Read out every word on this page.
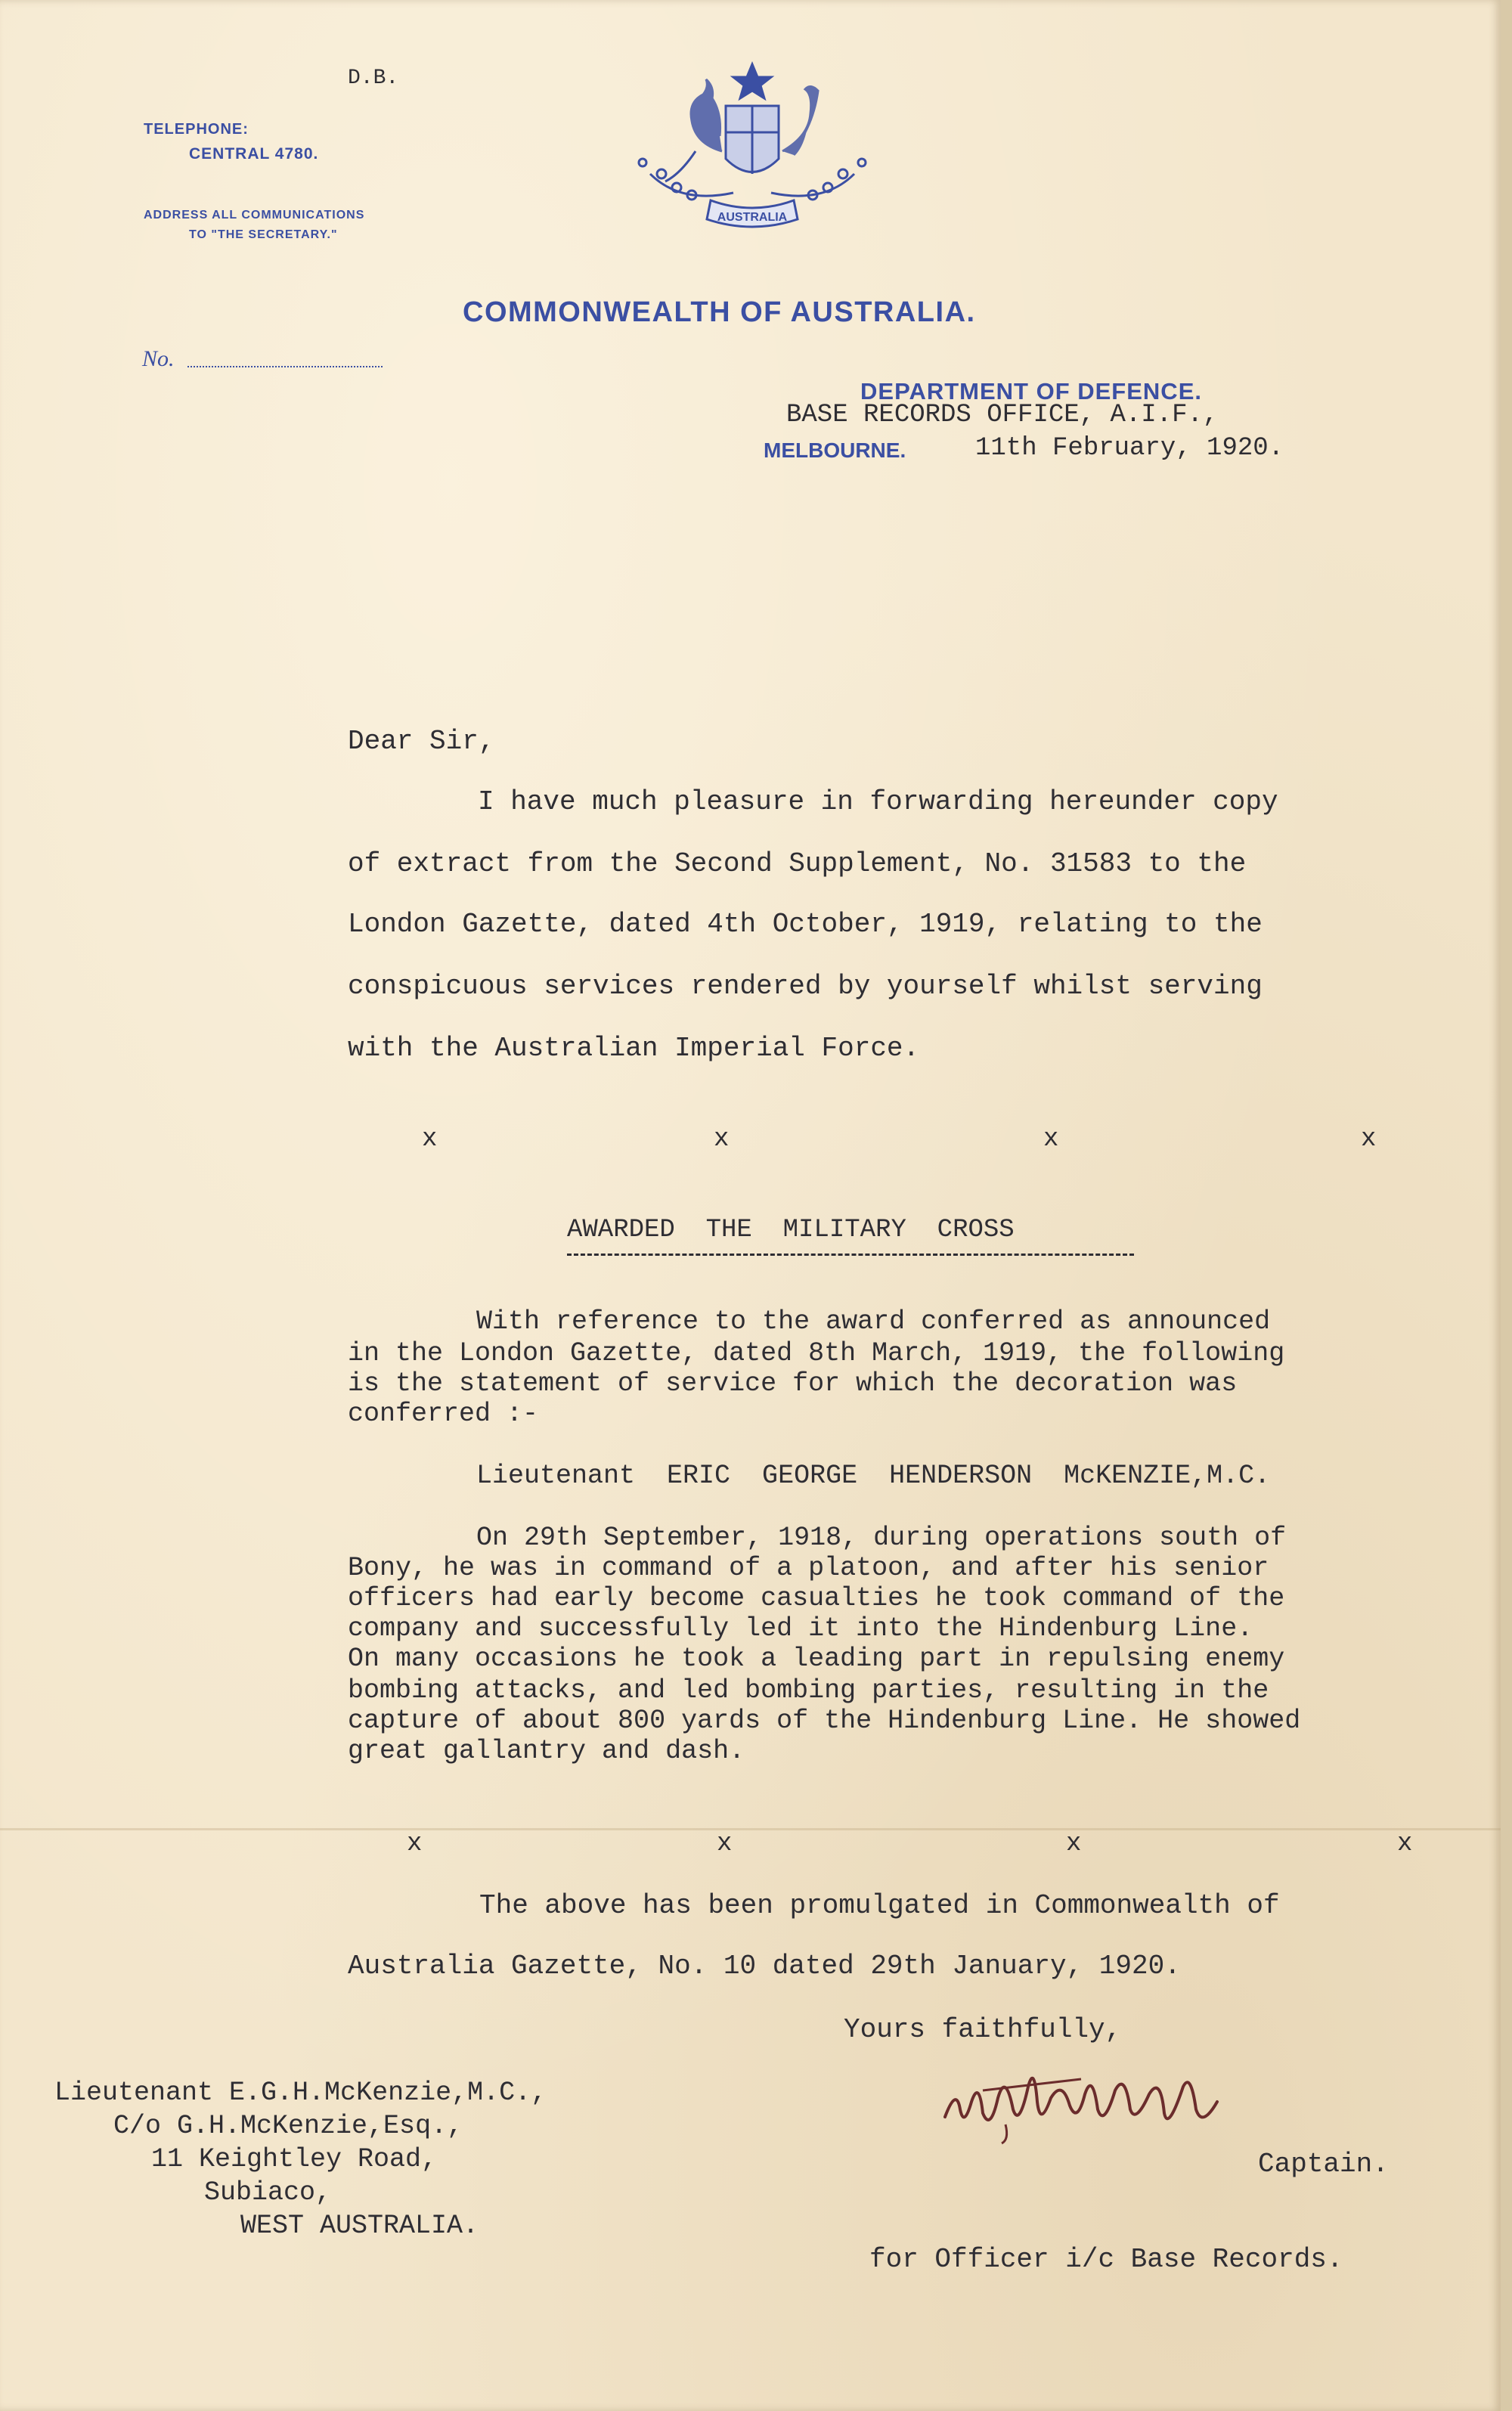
D.B.
TELEPHONE:
CENTRAL 4780.
ADDRESS ALL COMMUNICATIONS
TO "THE SECRETARY."
AUSTRALIA
COMMONWEALTH OF AUSTRALIA.
No.
DEPARTMENT OF DEFENCE.
BASE RECORDS OFFICE, A.I.F.,
MELBOURNE.	11th February, 1920.
Dear Sir,
I have much pleasure in forwarding hereunder copy
of extract from the Second Supplement, No. 31583 to the
London Gazette, dated 4th October, 1919, relating to the
conspicuous services rendered by yourself whilst serving
with the Australian Imperial Force.
x	x	x	x
AWARDED  THE  MILITARY  CROSS
With reference to the award conferred as announced
in the London Gazette, dated 8th March, 1919, the following
is the statement of service for which the decoration was
conferred :-
Lieutenant  ERIC  GEORGE  HENDERSON  McKENZIE,M.C.
On 29th September, 1918, during operations south of
Bony, he was in command of a platoon, and after his senior
officers had early become casualties he took command of the
company and successfully led it into the Hindenburg Line.
On many occasions he took a leading part in repulsing enemy
bombing attacks, and led bombing parties, resulting in the
capture of about 800 yards of the Hindenburg Line. He showed
great gallantry and dash.
x	x	x	x
The above has been promulgated in Commonwealth of
Australia Gazette, No. 10 dated 29th January, 1920.
Yours faithfully,
Captain.
for Officer i/c Base Records.
Lieutenant E.G.H.McKenzie,M.C.,
C/o G.H.McKenzie,Esq.,
11 Keightley Road,
Subiaco,
WEST AUSTRALIA.
